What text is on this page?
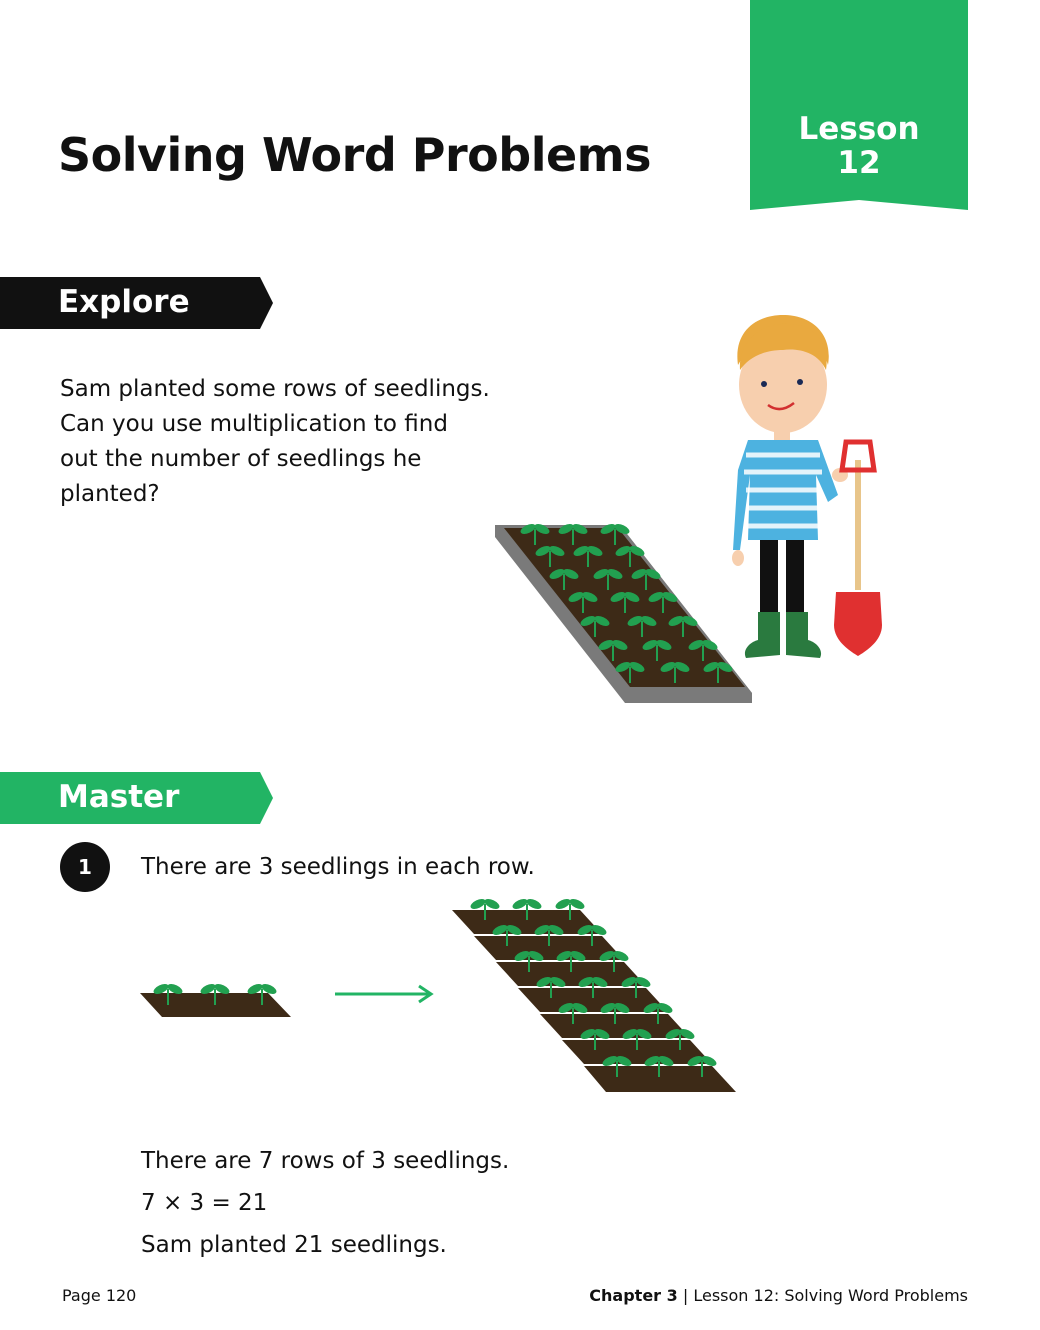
Lesson
12
Solving Word Problems
Explore
Sam planted some rows of seedlings.
Can you use multiplication to find
out the number of seedlings he
planted?
Master
1	There are 3 seedlings in each row.
There are 7 rows of 3 seedlings.
7 × 3 = 21
Sam planted 21 seedlings.
Page 120	Chapter 3 | Lesson 12: Solving Word Problems
